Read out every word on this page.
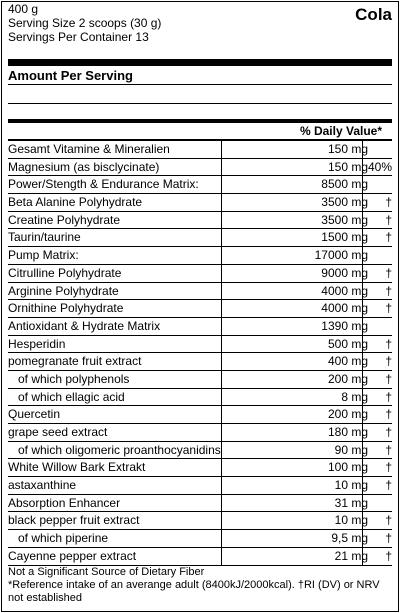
400 g	Cola
Serving Size 2 scoops (30 g)
Servings Per Container 13
Amount Per Serving
% Daily Value*
Gesamt Vitamine & Mineralien	150 mg
Magnesium (as bisclycinate)	150 mg 40%
Power/Stength & Endurance Matrix:	8500 mg
Beta Alanine Polyhydrate	3500 mg †
Creatine Polyhydrate	3500 mg †
Taurin/taurine	1500 mg †
Pump Matrix:	17000 mg
Citrulline Polyhydrate	9000 mg †
Arginine Polyhydrate	4000 mg †
Ornithine Polyhydrate	4000 mg †
Antioxidant & Hydrate Matrix	1390 mg
Hesperidin	500 mg †
pomegranate fruit extract	400 mg †
of which polyphenols	200 mg †
of which ellagic acid	8 mg †
Quercetin	200 mg †
grape seed extract	180 mg †
of which oligomeric proanthocyanidins	90 mg †
White Willow Bark Extrakt	100 mg †
astaxanthine	10 mg †
Absorption Enhancer	31 mg
black pepper fruit extract	10 mg †
of which piperine	9,5 mg †
Cayenne pepper extract	21 mg †
Not a Significant Source of Dietary Fiber
*Reference intake of an averange adult (8400kJ/2000kcal). †RI (DV) or NRV not established
